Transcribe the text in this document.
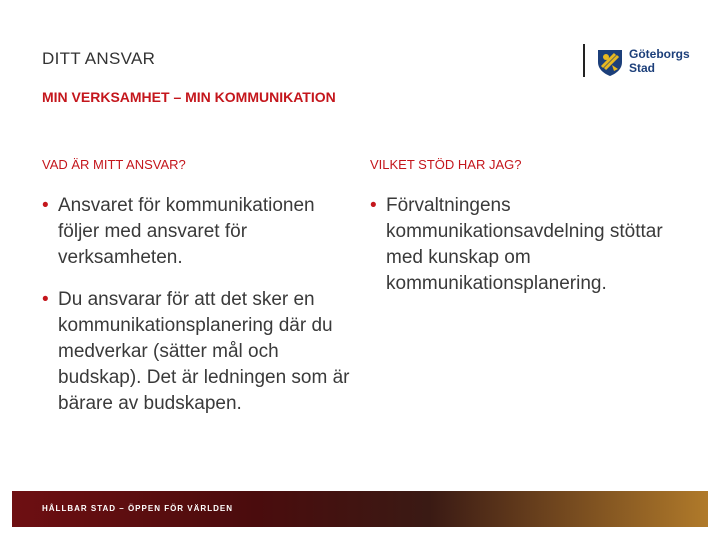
DITT ANSVAR	Göteborgs
Stad
MIN VERKSAMHET – MIN KOMMUNIKATION
VAD ÄR MITT ANSVAR?	VILKET STÖD HAR JAG?
• Ansvaret för kommunikationen följer med ansvaret för verksamheten.
• Du ansvarar för att det sker en kommunikationsplanering där du medverkar (sätter mål och budskap). Det är ledningen som är bärare av budskapen.
• Förvaltningens kommunikationsavdelning stöttar med kunskap om kommunikationsplanering.
HÅLLBAR STAD – ÖPPEN FÖR VÄRLDEN
